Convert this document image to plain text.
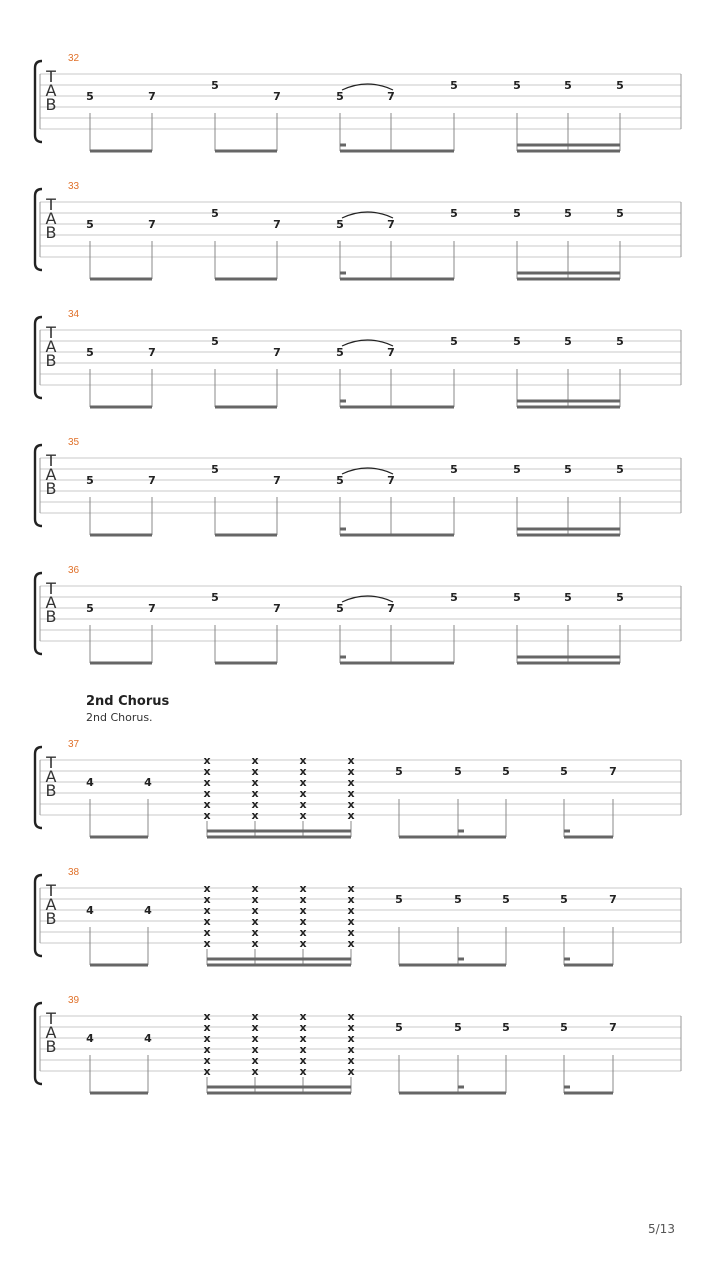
32
T
A
B	5	7
5
7	5	7
5	5	5	5
33
T
A
B	5	7
5
7	5	7
5	5	5	5
34
T
A
B	5	7
5
7	5	7
5	5	5	5
35
T
A
B	5	7
5
7	5	7
5	5	5	5
36
T
A
B	5	7
5
7	5	7
5	5	5	5
37
T
A
B	4	4
x
x
x
x
x
x
x
x
x
x
x
x
x
x
x
x
x
x
x
x
x
x
x
x
5	5	5	5	7
38
T
A
B	4	4
x
x
x
x
x
x
x
x
x
x
x
x
x
x
x
x
x
x
x
x
x
x
x
x
5	5	5	5	7
39
T
A
B	4	4
x
x
x
x
x
x
x
x
x
x
x
x
x
x
x
x
x
x
x
x
x
x
x
x
5	5	5	5	7
2nd Chorus
2nd Chorus.
5/13
